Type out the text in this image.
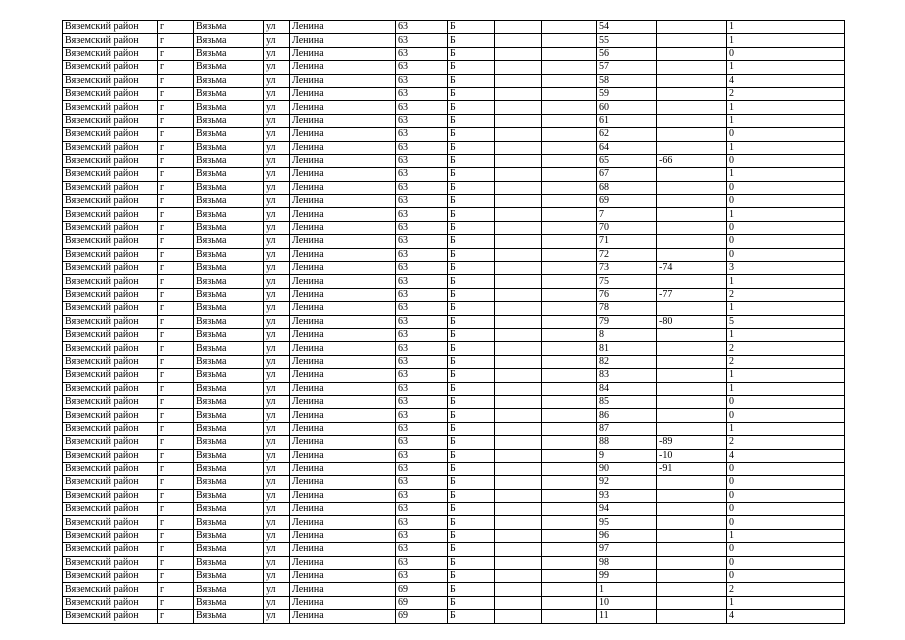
Вяземский район	г	Вязьма	ул	Ленина	63	Б			54		1
Вяземский район	г	Вязьма	ул	Ленина	63	Б			55		1
Вяземский район	г	Вязьма	ул	Ленина	63	Б			56		0
Вяземский район	г	Вязьма	ул	Ленина	63	Б			57		1
Вяземский район	г	Вязьма	ул	Ленина	63	Б			58		4
Вяземский район	г	Вязьма	ул	Ленина	63	Б			59		2
Вяземский район	г	Вязьма	ул	Ленина	63	Б			60		1
Вяземский район	г	Вязьма	ул	Ленина	63	Б			61		1
Вяземский район	г	Вязьма	ул	Ленина	63	Б			62		0
Вяземский район	г	Вязьма	ул	Ленина	63	Б			64		1
Вяземский район	г	Вязьма	ул	Ленина	63	Б			65	-66	0
Вяземский район	г	Вязьма	ул	Ленина	63	Б			67		1
Вяземский район	г	Вязьма	ул	Ленина	63	Б			68		0
Вяземский район	г	Вязьма	ул	Ленина	63	Б			69		0
Вяземский район	г	Вязьма	ул	Ленина	63	Б			7		1
Вяземский район	г	Вязьма	ул	Ленина	63	Б			70		0
Вяземский район	г	Вязьма	ул	Ленина	63	Б			71		0
Вяземский район	г	Вязьма	ул	Ленина	63	Б			72		0
Вяземский район	г	Вязьма	ул	Ленина	63	Б			73	-74	3
Вяземский район	г	Вязьма	ул	Ленина	63	Б			75		1
Вяземский район	г	Вязьма	ул	Ленина	63	Б			76	-77	2
Вяземский район	г	Вязьма	ул	Ленина	63	Б			78		1
Вяземский район	г	Вязьма	ул	Ленина	63	Б			79	-80	5
Вяземский район	г	Вязьма	ул	Ленина	63	Б			8		1
Вяземский район	г	Вязьма	ул	Ленина	63	Б			81		2
Вяземский район	г	Вязьма	ул	Ленина	63	Б			82		2
Вяземский район	г	Вязьма	ул	Ленина	63	Б			83		1
Вяземский район	г	Вязьма	ул	Ленина	63	Б			84		1
Вяземский район	г	Вязьма	ул	Ленина	63	Б			85		0
Вяземский район	г	Вязьма	ул	Ленина	63	Б			86		0
Вяземский район	г	Вязьма	ул	Ленина	63	Б			87		1
Вяземский район	г	Вязьма	ул	Ленина	63	Б			88	-89	2
Вяземский район	г	Вязьма	ул	Ленина	63	Б			9	-10	4
Вяземский район	г	Вязьма	ул	Ленина	63	Б			90	-91	0
Вяземский район	г	Вязьма	ул	Ленина	63	Б			92		0
Вяземский район	г	Вязьма	ул	Ленина	63	Б			93		0
Вяземский район	г	Вязьма	ул	Ленина	63	Б			94		0
Вяземский район	г	Вязьма	ул	Ленина	63	Б			95		0
Вяземский район	г	Вязьма	ул	Ленина	63	Б			96		1
Вяземский район	г	Вязьма	ул	Ленина	63	Б			97		0
Вяземский район	г	Вязьма	ул	Ленина	63	Б			98		0
Вяземский район	г	Вязьма	ул	Ленина	63	Б			99		0
Вяземский район	г	Вязьма	ул	Ленина	69	Б			1		2
Вяземский район	г	Вязьма	ул	Ленина	69	Б			10		1
Вяземский район	г	Вязьма	ул	Ленина	69	Б			11		4
